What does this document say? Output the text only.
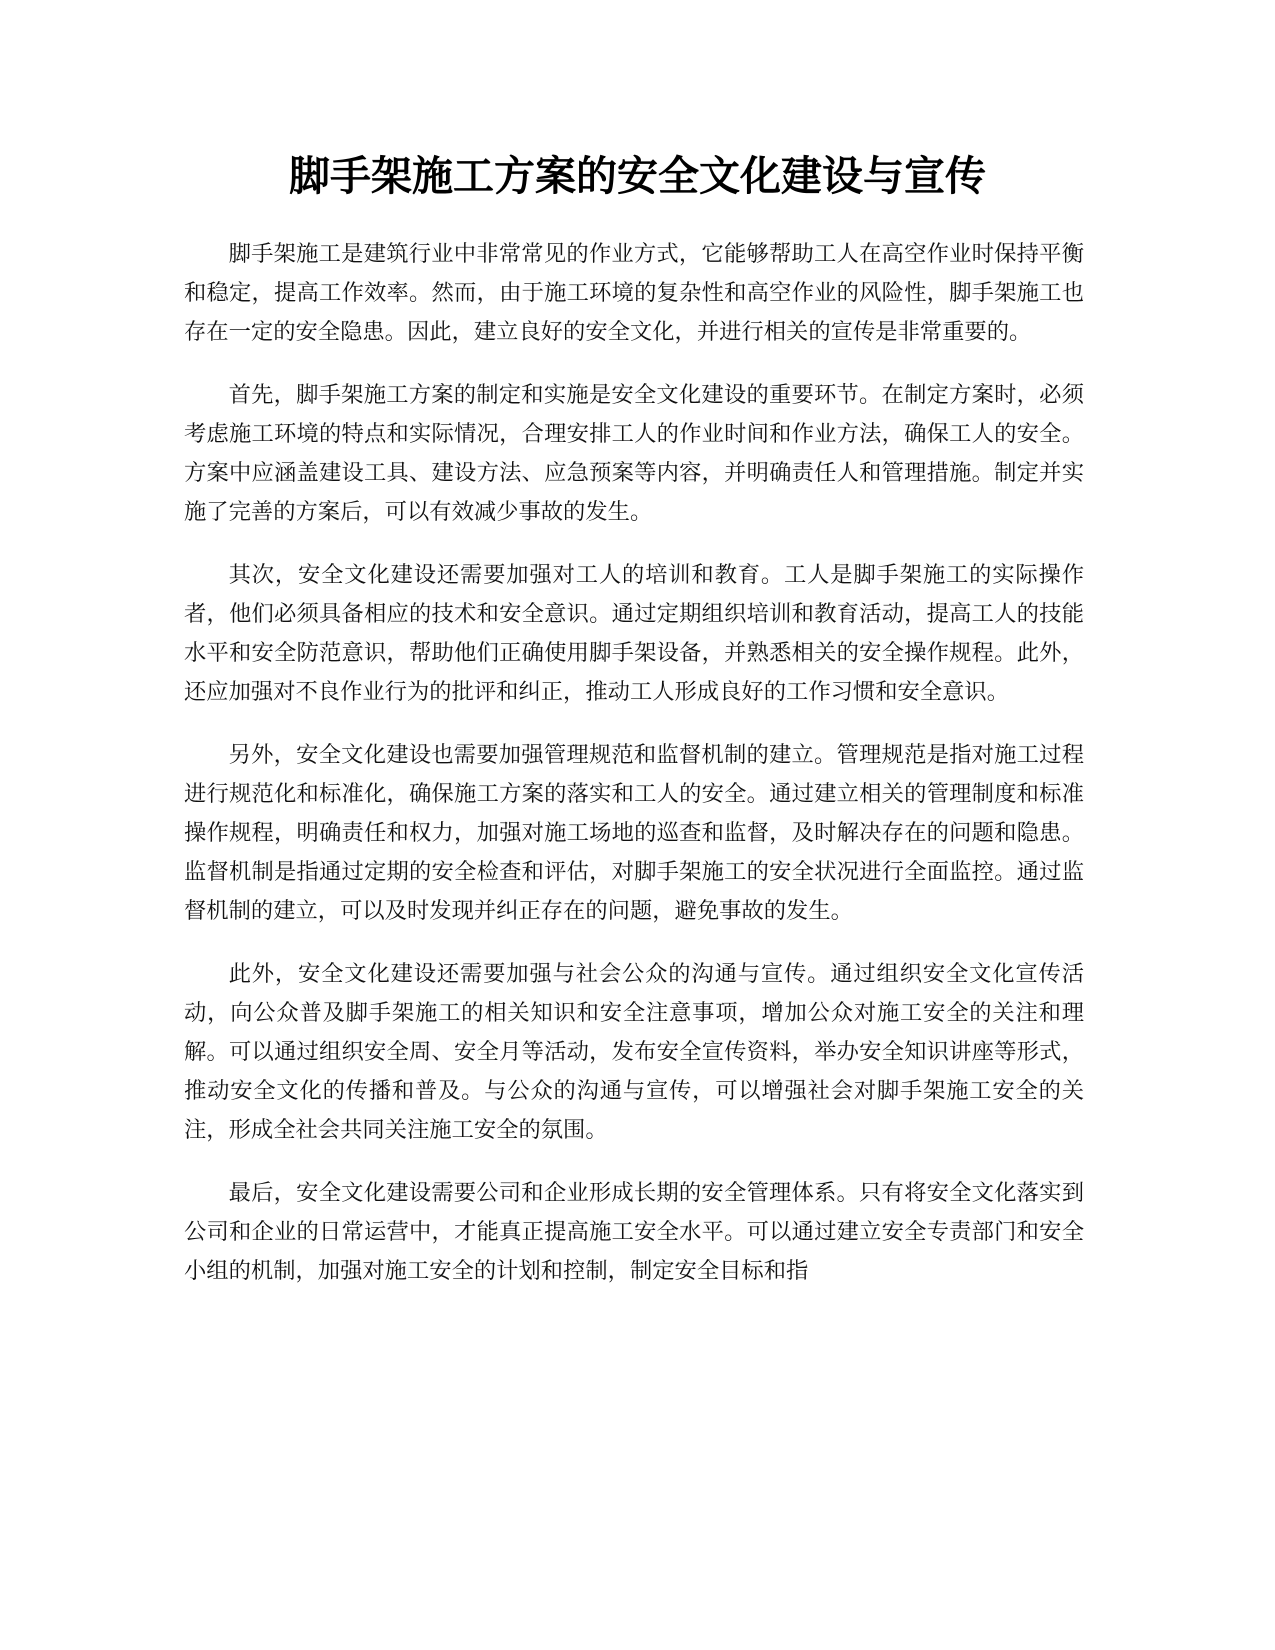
脚手架施工方案的安全文化建设与宣传

脚手架施工是建筑行业中非常常见的作业方式，它能够帮助工人在高空作业时保持平衡和稳定，提高工作效率。然而，由于施工环境的复杂性和高空作业的风险性，脚手架施工也存在一定的安全隐患。因此，建立良好的安全文化，并进行相关的宣传是非常重要的。

首先，脚手架施工方案的制定和实施是安全文化建设的重要环节。在制定方案时，必须考虑施工环境的特点和实际情况，合理安排工人的作业时间和作业方法，确保工人的安全。方案中应涵盖建设工具、建设方法、应急预案等内容，并明确责任人和管理措施。制定并实施了完善的方案后，可以有效减少事故的发生。

其次，安全文化建设还需要加强对工人的培训和教育。工人是脚手架施工的实际操作者，他们必须具备相应的技术和安全意识。通过定期组织培训和教育活动，提高工人的技能水平和安全防范意识，帮助他们正确使用脚手架设备，并熟悉相关的安全操作规程。此外，还应加强对不良作业行为的批评和纠正，推动工人形成良好的工作习惯和安全意识。

另外，安全文化建设也需要加强管理规范和监督机制的建立。管理规范是指对施工过程进行规范化和标准化，确保施工方案的落实和工人的安全。通过建立相关的管理制度和标准操作规程，明确责任和权力，加强对施工场地的巡查和监督，及时解决存在的问题和隐患。监督机制是指通过定期的安全检查和评估，对脚手架施工的安全状况进行全面监控。通过监督机制的建立，可以及时发现并纠正存在的问题，避免事故的发生。

此外，安全文化建设还需要加强与社会公众的沟通与宣传。通过组织安全文化宣传活动，向公众普及脚手架施工的相关知识和安全注意事项，增加公众对施工安全的关注和理解。可以通过组织安全周、安全月等活动，发布安全宣传资料，举办安全知识讲座等形式，推动安全文化的传播和普及。与公众的沟通与宣传，可以增强社会对脚手架施工安全的关注，形成全社会共同关注施工安全的氛围。

最后，安全文化建设需要公司和企业形成长期的安全管理体系。只有将安全文化落实到公司和企业的日常运营中，才能真正提高施工安全水平。可以通过建立安全专责部门和安全小组的机制，加强对施工安全的计划和控制，制定安全目标和指
